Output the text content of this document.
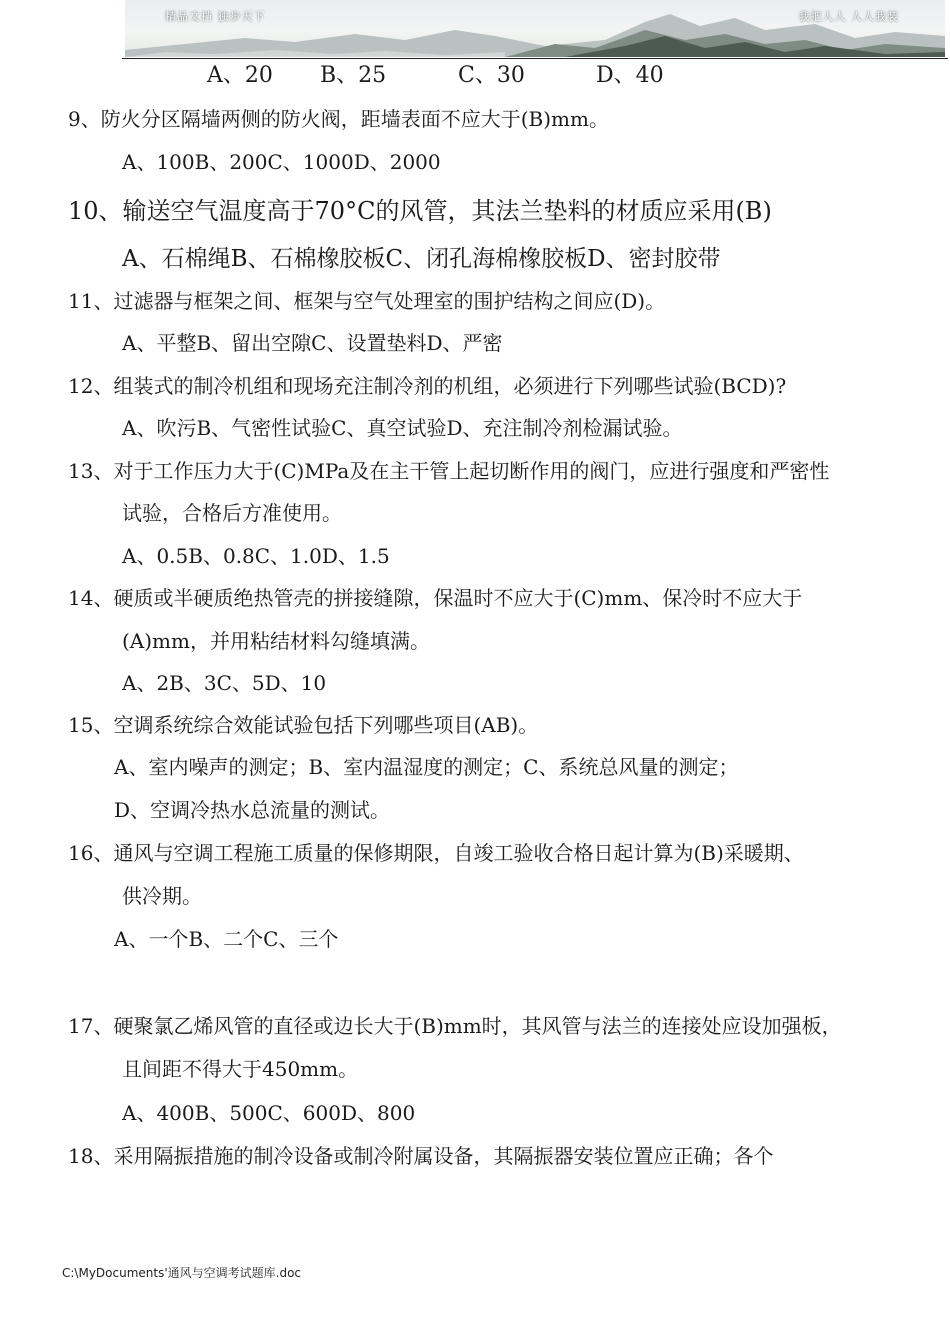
精品文档 独步天下	我把人人 人人我装
A、20 B、25	C、30	D、40
9、防火分区隔墙两侧的防火阀，距墙表面不应大于(B)mm。
A、100B、200C、1000D、2000
10、输送空气温度高于70°C的风管，其法兰垫料的材质应采用(B)
A、石棉绳B、石棉橡胶板C、闭孔海棉橡胶板D、密封胶带
11、过滤器与框架之间、框架与空气处理室的围护结构之间应(D)。
A、平整B、留出空隙C、设置垫料D、严密
12、组装式的制冷机组和现场充注制冷剂的机组，必须进行下列哪些试验(BCD)?
A、吹污B、气密性试验C、真空试验D、充注制冷剂检漏试验。
13、对于工作压力大于(C)MPa及在主干管上起切断作用的阀门，应进行强度和严密性
试验，合格后方准使用。
A、0.5B、0.8C、1.0D、1.5
14、硬质或半硬质绝热管壳的拼接缝隙，保温时不应大于(C)mm、保冷时不应大于
(A)mm，并用粘结材料勾缝填满。
A、2B、3C、5D、10
15、空调系统综合效能试验包括下列哪些项目(AB)。
A、室内噪声的测定；B、室内温湿度的测定；C、系统总风量的测定；
D、空调冷热水总流量的测试。
16、通风与空调工程施工质量的保修期限，自竣工验收合格日起计算为(B)采暖期、
供冷期。
A、一个B、二个C、三个
17、硬聚氯乙烯风管的直径或边长大于(B)mm时，其风管与法兰的连接处应设加强板，
且间距不得大于450mm。
A、400B、500C、600D、800
18、采用隔振措施的制冷设备或制冷附属设备，其隔振器安装位置应正确；各个
C:\MyDocuments'通风与空调考试题库.doc
